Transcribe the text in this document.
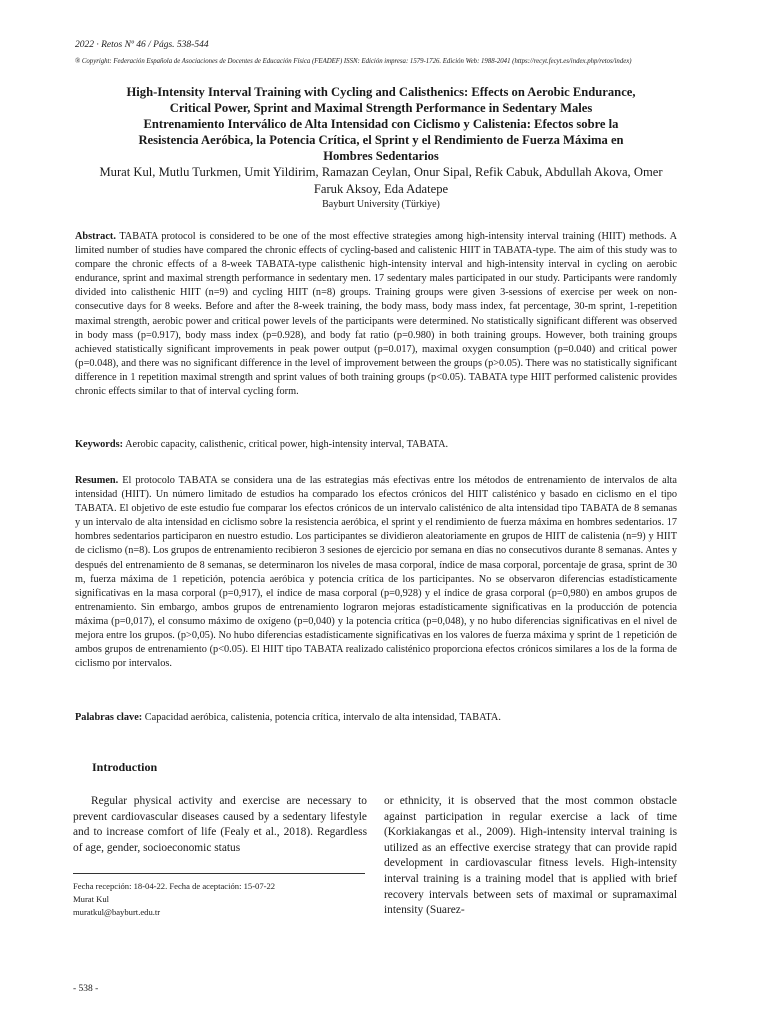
2022 · Retos Nº 46 / Págs. 538-544
® Copyright: Federación Española de Asociaciones de Docentes de Educación Física (FEADEF) ISSN: Edición impresa: 1579-1726. Edición Web: 1988-2041 (https://recyt.fecyt.es/index.php/retos/index)
High-Intensity Interval Training with Cycling and Calisthenics: Effects on Aerobic Endurance,
Critical Power, Sprint and Maximal Strength Performance in Sedentary Males
Entrenamiento Interválico de Alta Intensidad con Ciclismo y Calistenia: Efectos sobre la
Resistencia Aeróbica, la Potencia Crítica, el Sprint y el Rendimiento de Fuerza Máxima en
Hombres Sedentarios
Murat Kul, Mutlu Turkmen, Umit Yildirim, Ramazan Ceylan, Onur Sipal, Refik Cabuk, Abdullah Akova, Omer
Faruk Aksoy, Eda Adatepe
Bayburt University (Türkiye)
Abstract. TABATA protocol is considered to be one of the most effective strategies among high-intensity interval training (HIIT) methods. A limited number of studies have compared the chronic effects of cycling-based and calistenic HIIT in TABATA-type. The aim of this study was to compare the chronic effects of a 8-week TABATA-type calisthenic high-intensity interval and high-intensity interval in cycling on aerobic endurance, sprint and maximal strength performance in sedentary men. 17 sedentary males participated in our study. Participants were randomly divided into calisthenic HIIT (n=9) and cycling HIIT (n=8) groups. Training groups were given 3-sessions of exercise per week on non-consecutive days for 8 weeks. Before and after the 8-week training, the body mass, body mass index, fat percentage, 30-m sprint, 1-repetition maximal strength, aerobic power and critical power levels of the participants were determined. No statistically significant different was observed in body mass (p=0.917), body mass index (p=0.928), and body fat ratio (p=0.980) in both training groups. However, both training groups achieved statistically significant improvements in peak power output (p=0.017), maximal oxygen consumption (p=0.040) and critical power (p=0.048), and there was no significant difference in the level of improvement between the groups (p>0.05). There was no statistically significant difference in 1 repetition maximal strength and sprint values of both training groups (p<0.05). TABATA type HIIT performed calistenic provides chronic effects similar to that of interval cycling form.
Keywords: Aerobic capacity, calisthenic, critical power, high-intensity interval, TABATA.
Resumen. El protocolo TABATA se considera una de las estrategias más efectivas entre los métodos de entrenamiento de intervalos de alta intensidad (HIIT). Un número limitado de estudios ha comparado los efectos crónicos del HIIT calisténico y basado en ciclismo en el tipo TABATA. El objetivo de este estudio fue comparar los efectos crónicos de un intervalo calisténico de alta intensidad tipo TABATA de 8 semanas y un intervalo de alta intensidad en ciclismo sobre la resistencia aeróbica, el sprint y el rendimiento de fuerza máxima en hombres sedentarios. 17 hombres sedentarios participaron en nuestro estudio. Los participantes se dividieron aleatoriamente en grupos de HIIT de calistenia (n=9) y HIIT de ciclismo (n=8). Los grupos de entrenamiento recibieron 3 sesiones de ejercicio por semana en días no consecutivos durante 8 semanas. Antes y después del entrenamiento de 8 semanas, se determinaron los niveles de masa corporal, índice de masa corporal, porcentaje de grasa, sprint de 30 m, fuerza máxima de 1 repetición, potencia aeróbica y potencia crítica de los participantes. No se observaron diferencias estadísticamente significativas en la masa corporal (p=0,917), el índice de masa corporal (p=0,928) y el índice de grasa corporal (p=0,980) en ambos grupos de entrenamiento. Sin embargo, ambos grupos de entrenamiento lograron mejoras estadísticamente significativas en la producción de potencia máxima (p=0,017), el consumo máximo de oxígeno (p=0,040) y la potencia crítica (p=0,048), y no hubo diferencias significativas en el nivel de mejora entre los grupos. (p>0,05). No hubo diferencias estadísticamente significativas en los valores de fuerza máxima y sprint de 1 repetición de ambos grupos de entrenamiento (p<0.05). El HIIT tipo TABATA realizado calisténico proporciona efectos crónicos similares a los de la forma de ciclismo por intervalos.
Palabras clave: Capacidad aeróbica, calistenia, potencia crítica, intervalo de alta intensidad, TABATA.
Introduction
Regular physical activity and exercise are necessary to prevent cardiovascular diseases caused by a sedentary lifestyle and to increase comfort of life (Fealy et al., 2018). Regardless of age, gender, socioeconomic status
or ethnicity, it is observed that the most common obstacle against participation in regular exercise a lack of time (Korkiakangas et al., 2009). High-intensity interval training is utilized as an effective exercise strategy that can provide rapid development in cardiovascular fitness levels. High-intensity interval training is a training model that is applied with brief recovery intervals between sets of maximal or supramaximal intensity (Suarez-
Fecha recepción: 18-04-22. Fecha de aceptación: 15-07-22
Murat Kul
muratkul@bayburt.edu.tr
- 538 -
